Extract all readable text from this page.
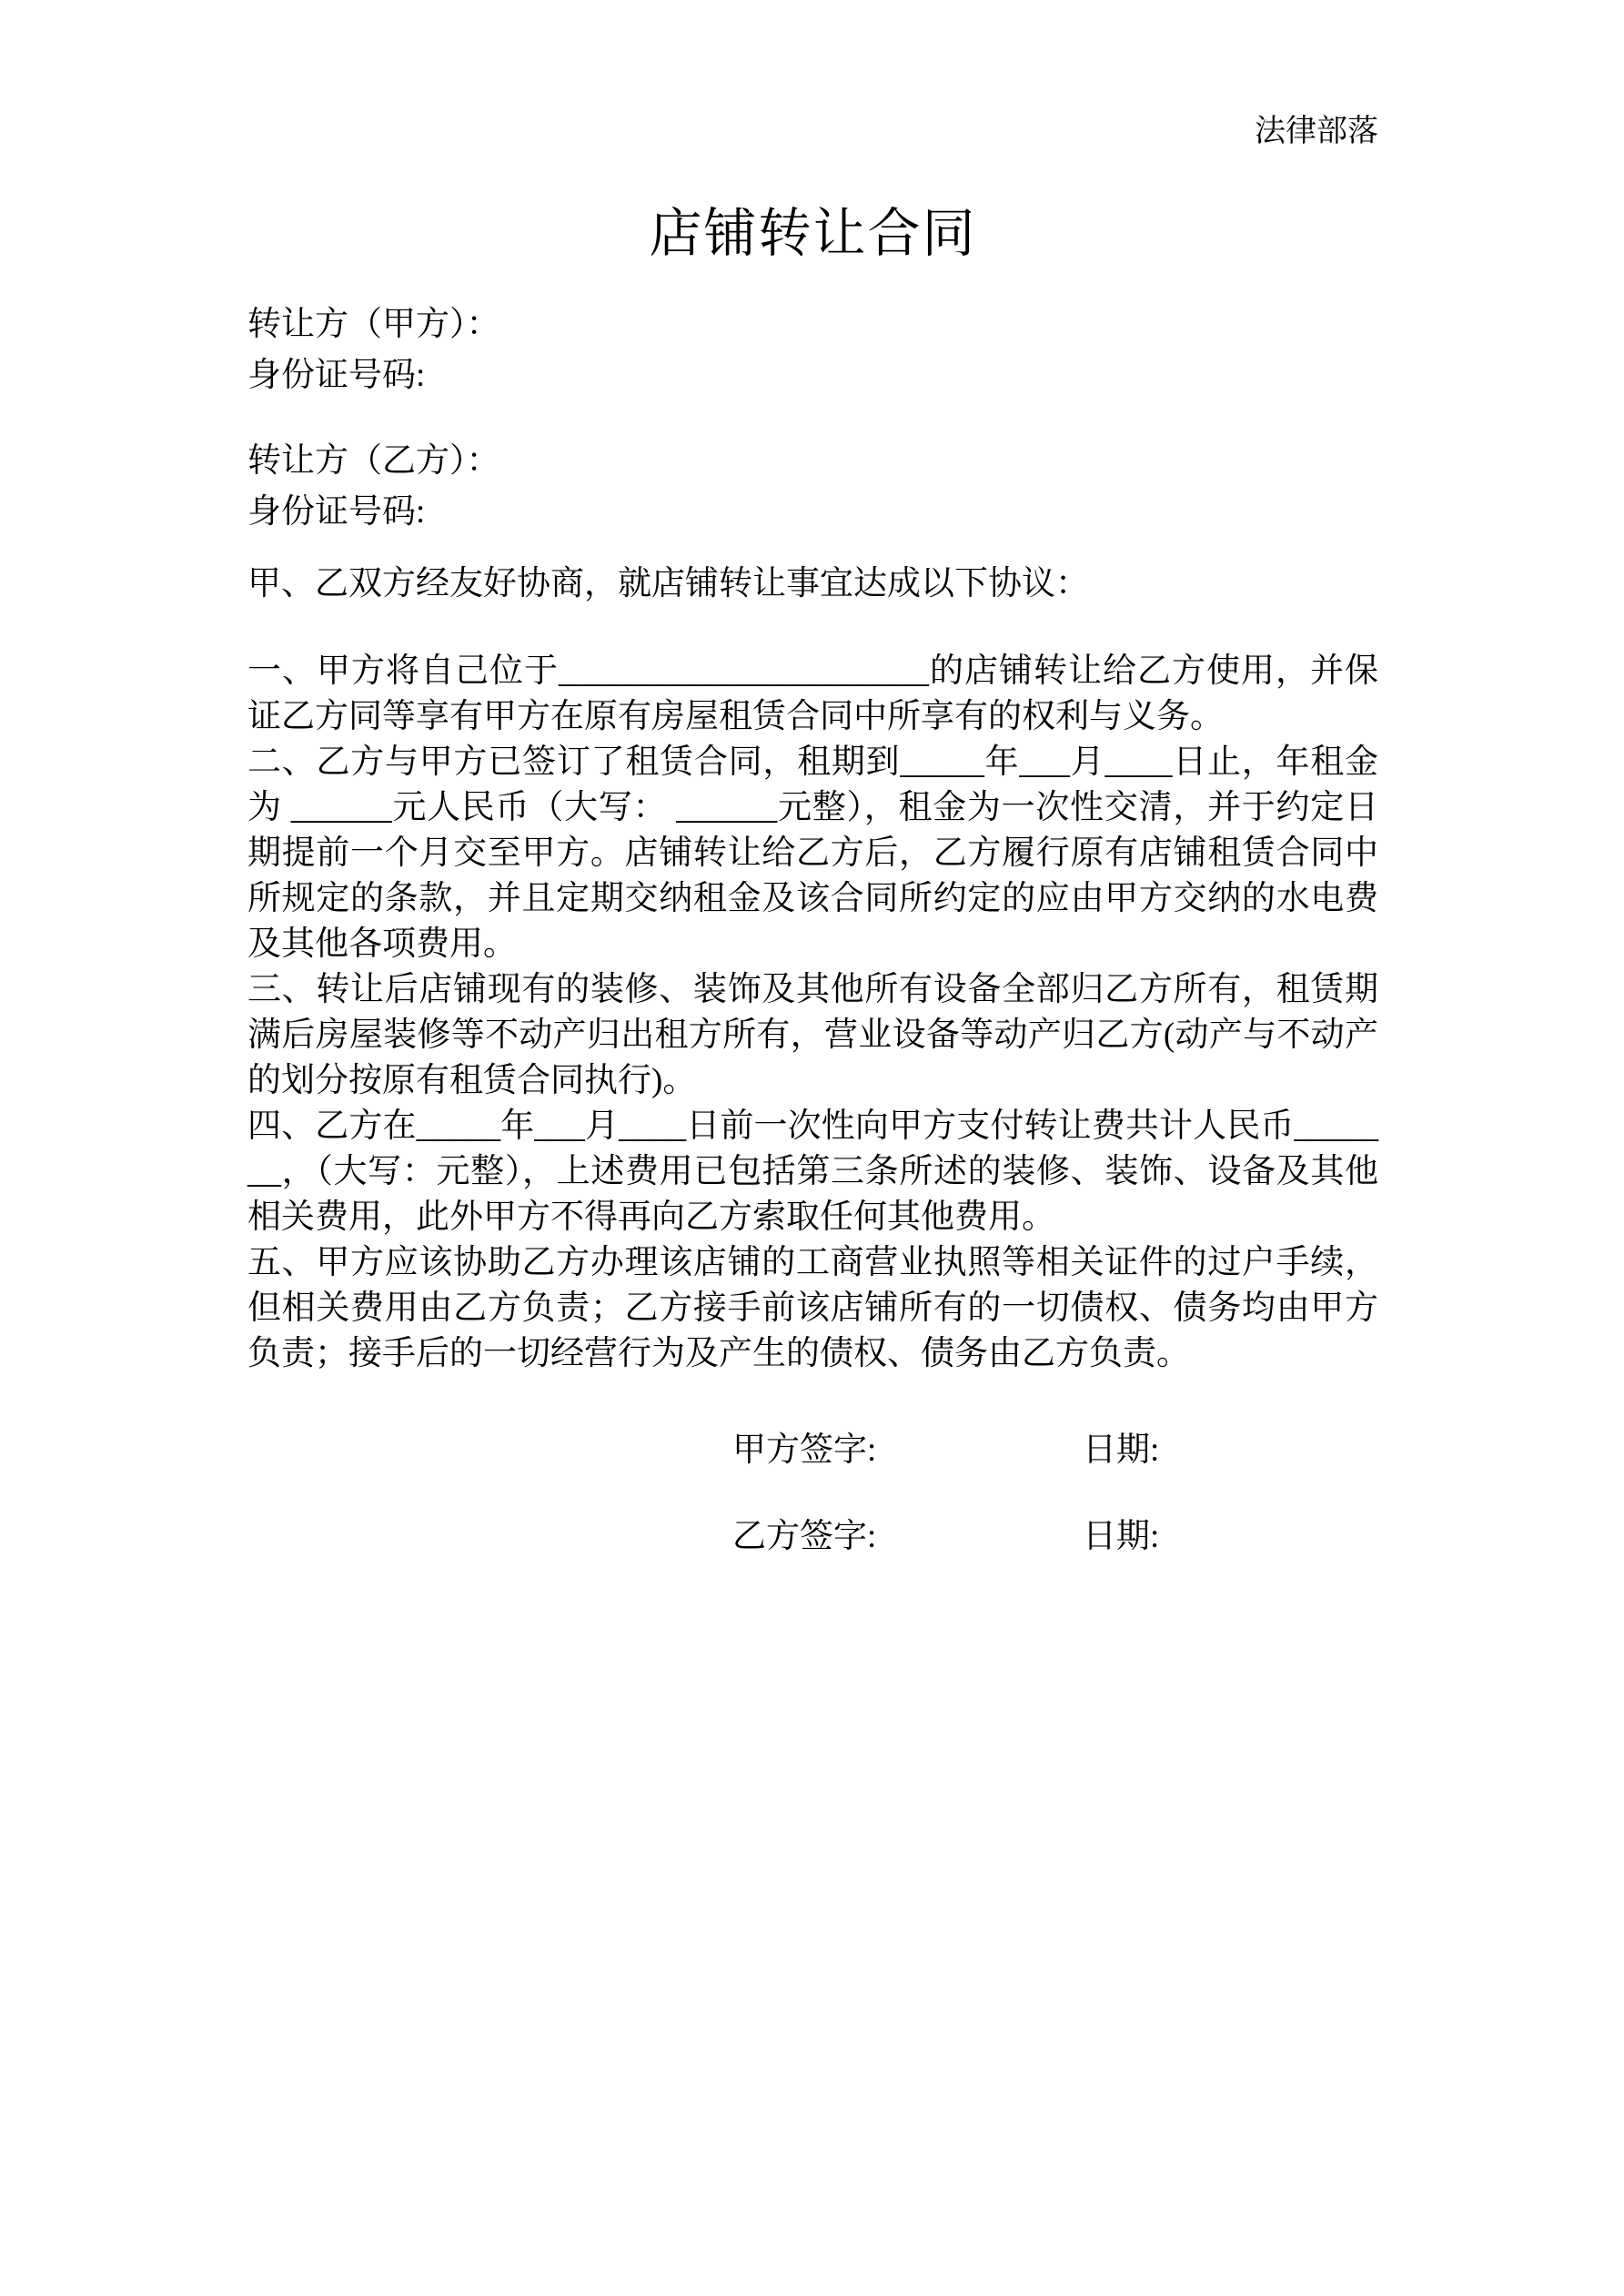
法律部落
店铺转让合同
转让方（甲方）：
身份证号码:
转让方（乙方）：
身份证号码:
甲、乙双方经友好协商，就店铺转让事宜达成以下协议：

一、甲方将自己位于______________________的店铺转让给乙方使用，并保证乙方同等享有甲方在原有房屋租赁合同中所享有的权利与义务。

二、乙方与甲方已签订了租赁合同，租期到_____年___月____日止，年租金为 ______元人民币（大写： ______元整），租金为一次性交清，并于约定日期提前一个月交至甲方。店铺转让给乙方后，乙方履行原有店铺租赁合同中所规定的条款，并且定期交纳租金及该合同所约定的应由甲方交纳的水电费及其他各项费用。

三、转让后店铺现有的装修、装饰及其他所有设备全部归乙方所有，租赁期满后房屋装修等不动产归出租方所有，营业设备等动产归乙方(动产与不动产的划分按原有租赁合同执行)。

四、乙方在_____年___月____日前一次性向甲方支付转让费共计人民币_______，（大写：元整），上述费用已包括第三条所述的装修、装饰、设备及其他相关费用，此外甲方不得再向乙方索取任何其他费用。

五、甲方应该协助乙方办理该店铺的工商营业执照等相关证件的过户手续，但相关费用由乙方负责；乙方接手前该店铺所有的一切债权、债务均由甲方负责；接手后的一切经营行为及产生的债权、债务由乙方负责。

甲方签字:	日期:
乙方签字:	日期:
